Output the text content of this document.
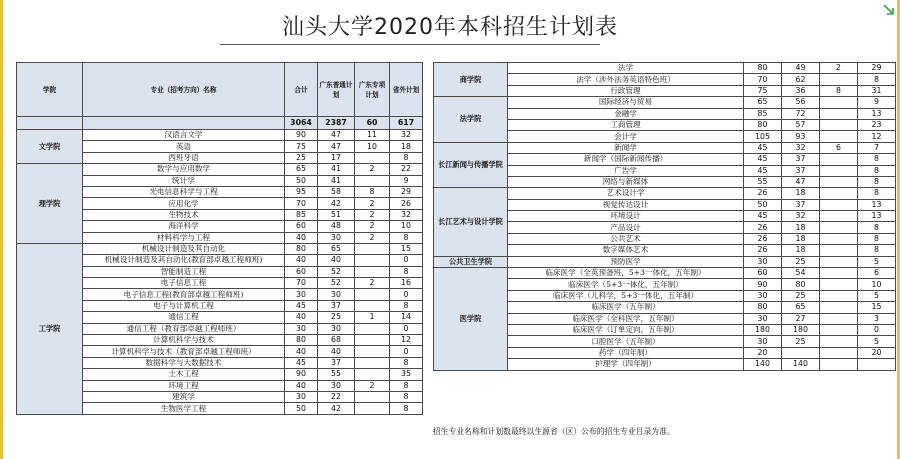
汕头大学2020年本科招生计划表
学院	专业（招考方向）名称	合计	广东普通计划	广东专项计划	省外计划
		3064	2387	60	617
文学院	汉语言文学	90	47	11	32
	英语	75	47	10	18
	西班牙语	25	17		8
理学院	数学与应用数学	65	41	2	22
	统计学	50	41		9
	光电信息科学与工程	95	58	8	29
	应用化学	70	42	2	26
	生物技术	85	51	2	32
	海洋科学	60	48	2	10
	材料科学与工程	40	30	2	8
工学院	机械设计制造及其自动化	80	65		15
	机械设计制造及其自动化(教育部卓越工程师班)	40	40		0
	智能制造工程	60	52		8
	电子信息工程	70	52	2	16
	电子信息工程(教育部卓越工程师班)	30	30		0
	电子与计算机工程	45	37		8
	通信工程	40	25	1	14
	通信工程（教育部卓越工程师班）	30	30		0
	计算机科学与技术	80	68		12
	计算机科学与技术（教育部卓越工程师班）	40	40		0
	数据科学与大数据技术	45	37		8
	土木工程	90	55		35
	环境工程	40	30	2	8
	建筑学	30	22		8
	生物医学工程	50	42		8
商学院	法学	80	49	2	29
	法学（涉外法务英语特色班）	70	62		8
	行政管理	75	36	8	31
法学院	国际经济与贸易	65	56		9
	金融学	85	72		13
	工商管理	80	57		23
	会计学	105	93		12
长江新闻与传播学院	新闻学	45	32	6	7
	新闻学（国际新闻传播）	45	37		8
	广告学	45	37		8
	网络与新媒体	55	47		8
长江艺术与设计学院	艺术设计学	26	18		8
	视觉传达设计	50	37		13
	环境设计	45	32		13
	产品设计	26	18		8
	公共艺术	26	18		8
	数字媒体艺术	26	18		8
公共卫生学院	预防医学	30	25		5
医学院	临床医学（全英预备班，5+3一体化，五年制）	60	54		6
	临床医学（5+3一体化，五年制）	90	80		10
	临床医学（儿科学，5+3一体化，五年制）	30	25		5
	临床医学（五年制）	80	65		15
	临床医学（全科医学，五年制）	30	27		3
	临床医学（订单定向，五年制）	180	180		0
	口腔医学（五年制）	30	25		5
	药学（四年制）	20			20
	护理学（四年制）	140	140		
招生专业名称和计划数最终以生源省（区）公布的招生专业目录为准。
